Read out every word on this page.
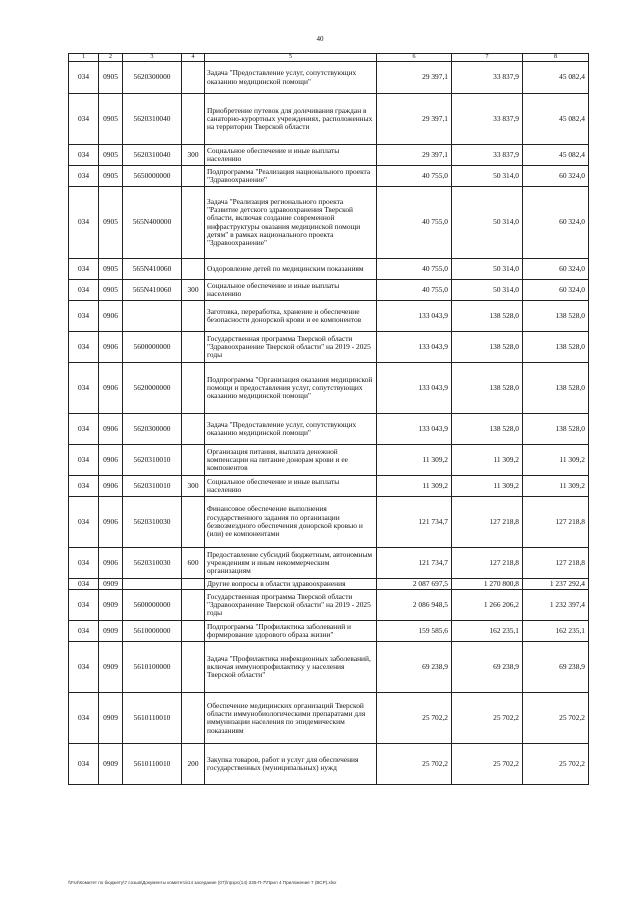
40
1	2	3	4	5	6	7	8
034	0905	5620300000		Задача "Предоставление услуг, сопутствующих оказанию медицинской помощи"	29 397,1	33 837,9	45 082,4
034	0905	5620310040		Приобретение путевок для долечивания граждан в санаторно-курортных учреждениях, расположенных на территории Тверской области	29 397,1	33 837,9	45 082,4
034	0905	5620310040	300	Социальное обеспечение и иные выплаты населению	29 397,1	33 837,9	45 082,4
034	0905	5650000000		Подпрограмма "Реализация национального проекта "Здравоохранение"	40 755,0	50 314,0	60 324,0
034	0905	565N400000		Задача "Реализация регионального проекта "Развитие детского здравоохранения Тверской области, включая создание современной инфраструктуры оказания медицинской помощи детям" в рамках национального проекта "Здравоохранение"	40 755,0	50 314,0	60 324,0
034	0905	565N410060		Оздоровление детей по медицинским показаниям	40 755,0	50 314,0	60 324,0
034	0905	565N410060	300	Социальное обеспечение и иные выплаты населению	40 755,0	50 314,0	60 324,0
034	0906			Заготовка, переработка, хранение и обеспечение безопасности донорской крови и ее компонентов	133 043,9	138 528,0	138 528,0
034	0906	5600000000		Государственная программа Тверской области "Здравоохранение Тверской области" на 2019 - 2025 годы	133 043,9	138 528,0	138 528,0
034	0906	5620000000		Подпрограмма "Организация оказания медицинской помощи и предоставления услуг, сопутствующих оказанию медицинской помощи"	133 043,9	138 528,0	138 528,0
034	0906	5620300000		Задача "Предоставление услуг, сопутствующих оказанию медицинской помощи"	133 043,9	138 528,0	138 528,0
034	0906	5620310010		Организация питания, выплата денежной компенсации на питание донорам крови и ее компонентов	11 309,2	11 309,2	11 309,2
034	0906	5620310010	300	Социальное обеспечение и иные выплаты населению	11 309,2	11 309,2	11 309,2
034	0906	5620310030		Финансовое обеспечение выполнения государственного задания по организации безвозмездного обеспечения донорской кровью и (или) ее компонентами	121 734,7	127 218,8	127 218,8
034	0906	5620310030	600	Предоставление субсидий бюджетным, автономным учреждениям и иным некоммерческим организациям	121 734,7	127 218,8	127 218,8
034	0909			Другие вопросы в области здравоохранения	2 087 697,5	1 270 800,8	1 237 292,4
034	0909	5600000000		Государственная программа Тверской области "Здравоохранение Тверской области" на 2019 - 2025 годы	2 086 948,5	1 266 206,2	1 232 397,4
034	0909	5610000000		Подпрограмма "Профилактика заболеваний и формирование здорового образа жизни"	159 585,6	162 235,1	162 235,1
034	0909	5610100000		Задача "Профилактика инфекционных заболеваний, включая иммунопрофилактику у населения Тверской области"	69 238,9	69 238,9	69 238,9
034	0909	5610110010		Обеспечение медицинских организаций Тверской области иммунобиологическими препаратами для иммунизации населения по эпидемическим показаниям	25 702,2	25 702,2	25 702,2
034	0909	5610110010	200	Закупка товаров, работ и услуг для обеспечения государственных (муниципальных) нужд	25 702,2	25 702,2	25 702,2
\\Fs4\Комитет по бюджету\7 созыв\Документы комитета\14 заседание (07)\прзрс(14) 235-П-7\Прил 4 Приложение 7 (ВСР).xlsx
